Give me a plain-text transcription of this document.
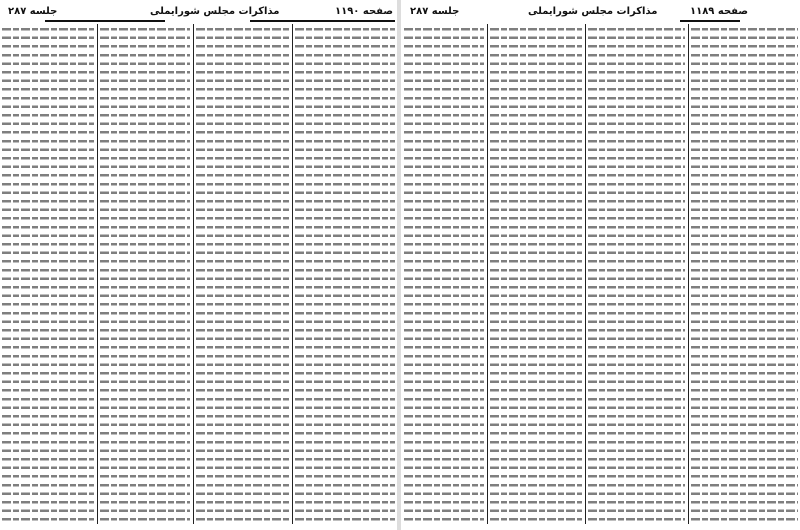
جلسه ۲۸۷	مذاکرات مجلس شورایملی	صفحه ۱۱۹۰ جلسه ۲۸۷	مذاکرات مجلس شورایملی	صفحه ۱۱۸۹
